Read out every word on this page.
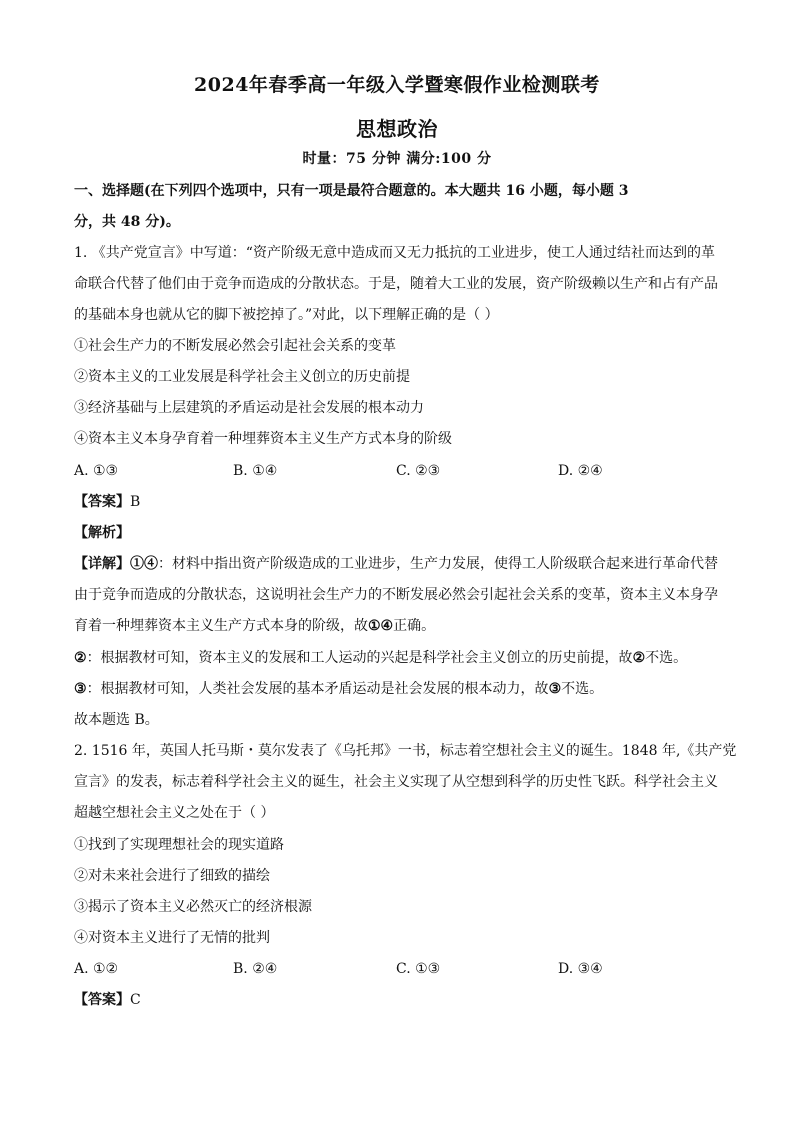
2024年春季高一年级入学暨寒假作业检测联考
思想政治
时量：75 分钟 满分:100 分
一、选择题(在下列四个选项中，只有一项是最符合题意的。本大题共 16 小题，每小题 3
分，共 48 分)。
1. 《共产党宣言》中写道：“资产阶级无意中造成而又无力抵抗的工业进步，使工人通过结社而达到的革
命联合代替了他们由于竞争而造成的分散状态。于是，随着大工业的发展，资产阶级赖以生产和占有产品
的基础本身也就从它的脚下被挖掉了。”对此，以下理解正确的是（ ）
①社会生产力的不断发展必然会引起社会关系的变革
②资本主义的工业发展是科学社会主义创立的历史前提
③经济基础与上层建筑的矛盾运动是社会发展的根本动力
④资本主义本身孕育着一种埋葬资本主义生产方式本身的阶级
A. ①③	B. ①④	C. ②③	D. ②④
【答案】B
【解析】
【详解】①④：材料中指出资产阶级造成的工业进步，生产力发展，使得工人阶级联合起来进行革命代替
由于竞争而造成的分散状态，这说明社会生产力的不断发展必然会引起社会关系的变革，资本主义本身孕
育着一种埋葬资本主义生产方式本身的阶级，故①④正确。
②：根据教材可知，资本主义的发展和工人运动的兴起是科学社会主义创立的历史前提，故②不选。
③：根据教材可知，人类社会发展的基本矛盾运动是社会发展的根本动力，故③不选。
故本题选 B。
2. 1516 年，英国人托马斯・莫尔发表了《乌托邦》一书，标志着空想社会主义的诞生。1848 年,《共产党
宣言》的发表，标志着科学社会主义的诞生，社会主义实现了从空想到科学的历史性飞跃。科学社会主义
超越空想社会主义之处在于（ ）
①找到了实现理想社会的现实道路
②对未来社会进行了细致的描绘
③揭示了资本主义必然灭亡的经济根源
④对资本主义进行了无情的批判
A. ①②	B. ②④	C. ①③	D. ③④
【答案】C
